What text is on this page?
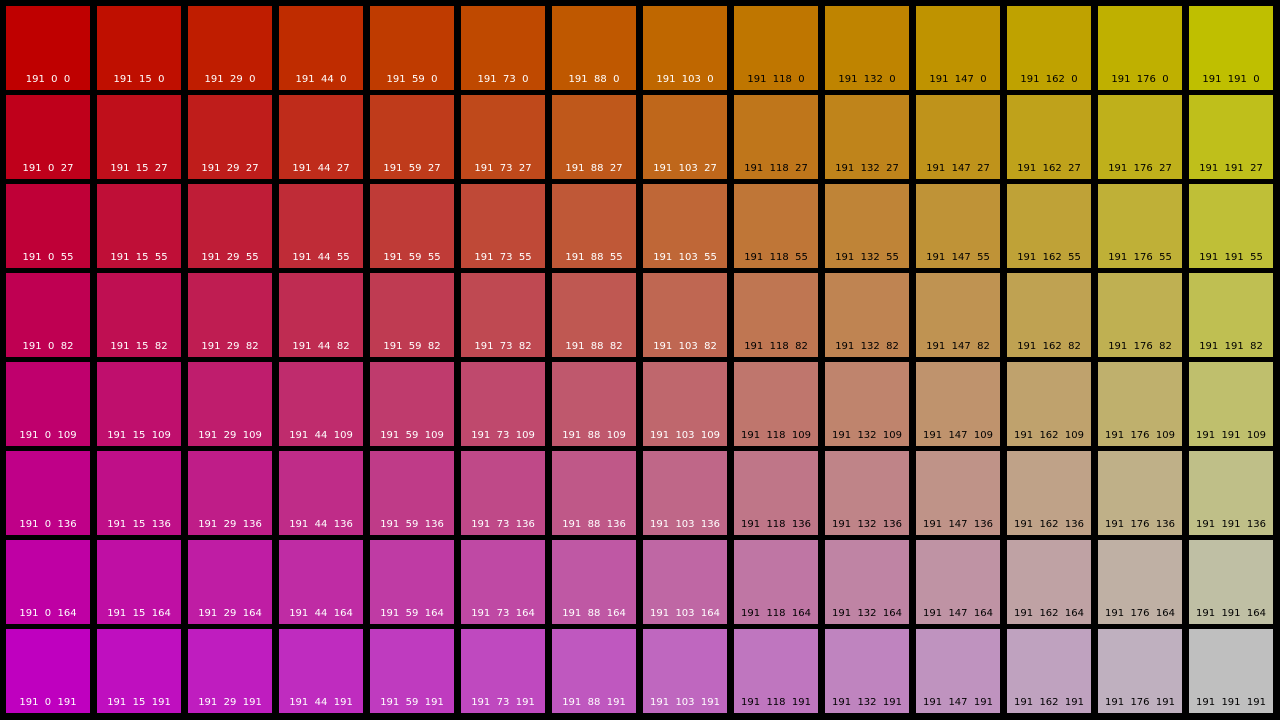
191  0  0	191  15  0	191  29  0	191  44  0	191  59  0	191  73  0	191  88  0	191  103  0	191  118  0	191  132  0	191  147  0	191  162  0	191  176  0	191  191  0
191  0  27	191  15  27	191  29  27	191  44  27	191  59  27	191  73  27	191  88  27	191  103  27	191  118  27	191  132  27	191  147  27	191  162  27	191  176  27	191  191  27
191  0  55	191  15  55	191  29  55	191  44  55	191  59  55	191  73  55	191  88  55	191  103  55	191  118  55	191  132  55	191  147  55	191  162  55	191  176  55	191  191  55
191  0  82	191  15  82	191  29  82	191  44  82	191  59  82	191  73  82	191  88  82	191  103  82	191  118  82	191  132  82	191  147  82	191  162  82	191  176  82	191  191  82
191  0  109	191  15  109	191  29  109	191  44  109	191  59  109	191  73  109	191  88  109	191  103  109	191  118  109	191  132  109	191  147  109	191  162  109	191  176  109	191  191  109
191  0  136	191  15  136	191  29  136	191  44  136	191  59  136	191  73  136	191  88  136	191  103  136	191  118  136	191  132  136	191  147  136	191  162  136	191  176  136	191  191  136
191  0  164	191  15  164	191  29  164	191  44  164	191  59  164	191  73  164	191  88  164	191  103  164	191  118  164	191  132  164	191  147  164	191  162  164	191  176  164	191  191  164
191  0  191	191  15  191	191  29  191	191  44  191	191  59  191	191  73  191	191  88  191	191  103  191	191  118  191	191  132  191	191  147  191	191  162  191	191  176  191	191  191  191
